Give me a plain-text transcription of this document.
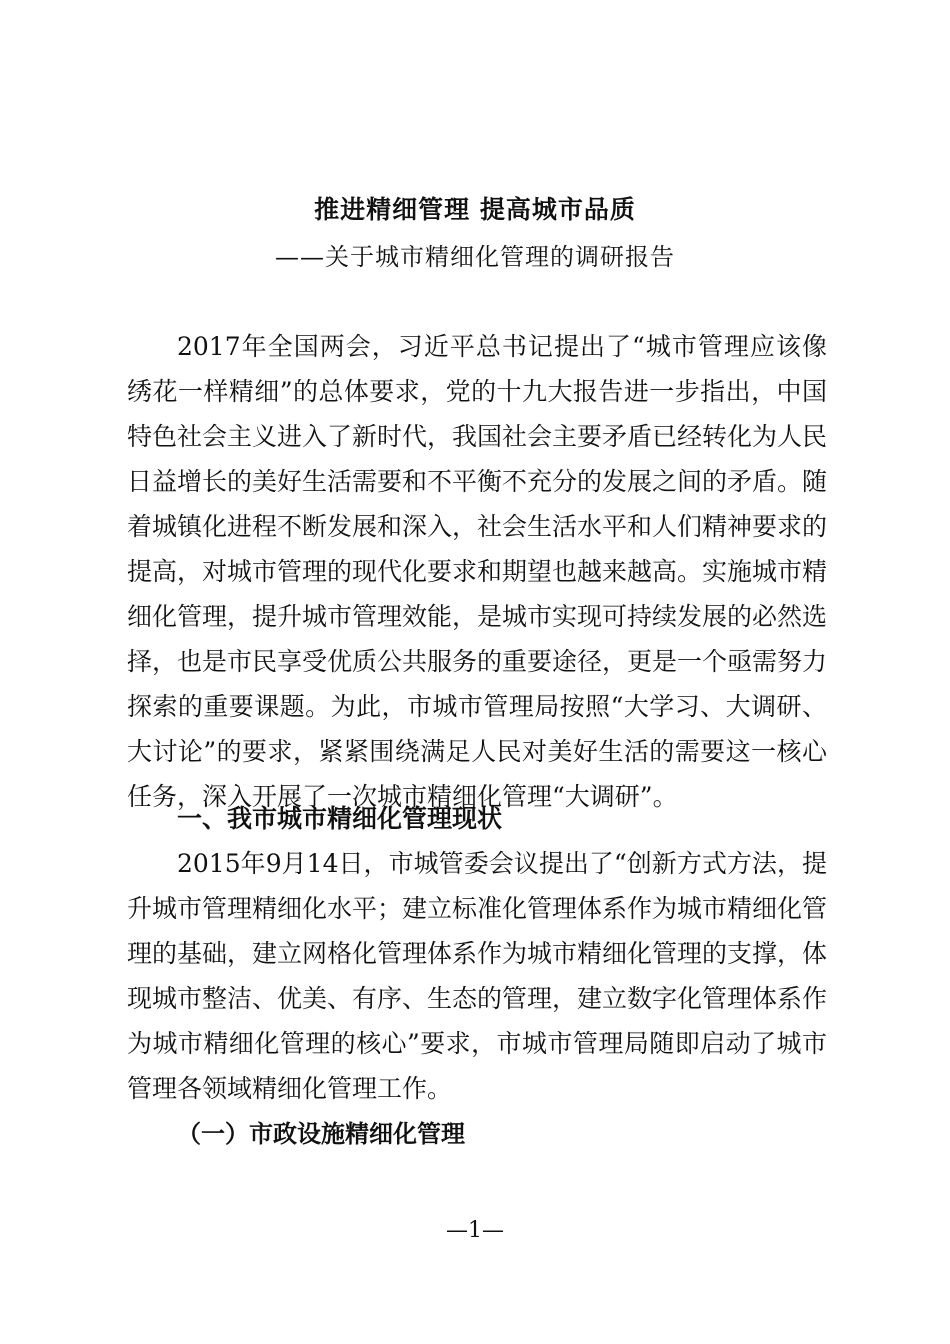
推进精细管理 提高城市品质
——关于城市精细化管理的调研报告

2017年全国两会，习近平总书记提出了“城市管理应该像绣花一样精细”的总体要求，党的十九大报告进一步指出，中国特色社会主义进入了新时代，我国社会主要矛盾已经转化为人民日益增长的美好生活需要和不平衡不充分的发展之间的矛盾。随着城镇化进程不断发展和深入，社会生活水平和人们精神要求的提高，对城市管理的现代化要求和期望也越来越高。实施城市精细化管理，提升城市管理效能，是城市实现可持续发展的必然选择，也是市民享受优质公共服务的重要途径，更是一个亟需努力探索的重要课题。为此，市城市管理局按照“大学习、大调研、大讨论”的要求，紧紧围绕满足人民对美好生活的需要这一核心任务，深入开展了一次城市精细化管理“大调研”。

一、我市城市精细化管理现状

2015年9月14日，市城管委会议提出了“创新方式方法，提升城市管理精细化水平；建立标准化管理体系作为城市精细化管理的基础，建立网格化管理体系作为城市精细化管理的支撑，体现城市整洁、优美、有序、生态的管理，建立数字化管理体系作为城市精细化管理的核心”要求，市城市管理局随即启动了城市管理各领域精细化管理工作。

（一）市政设施精细化管理
—1—
